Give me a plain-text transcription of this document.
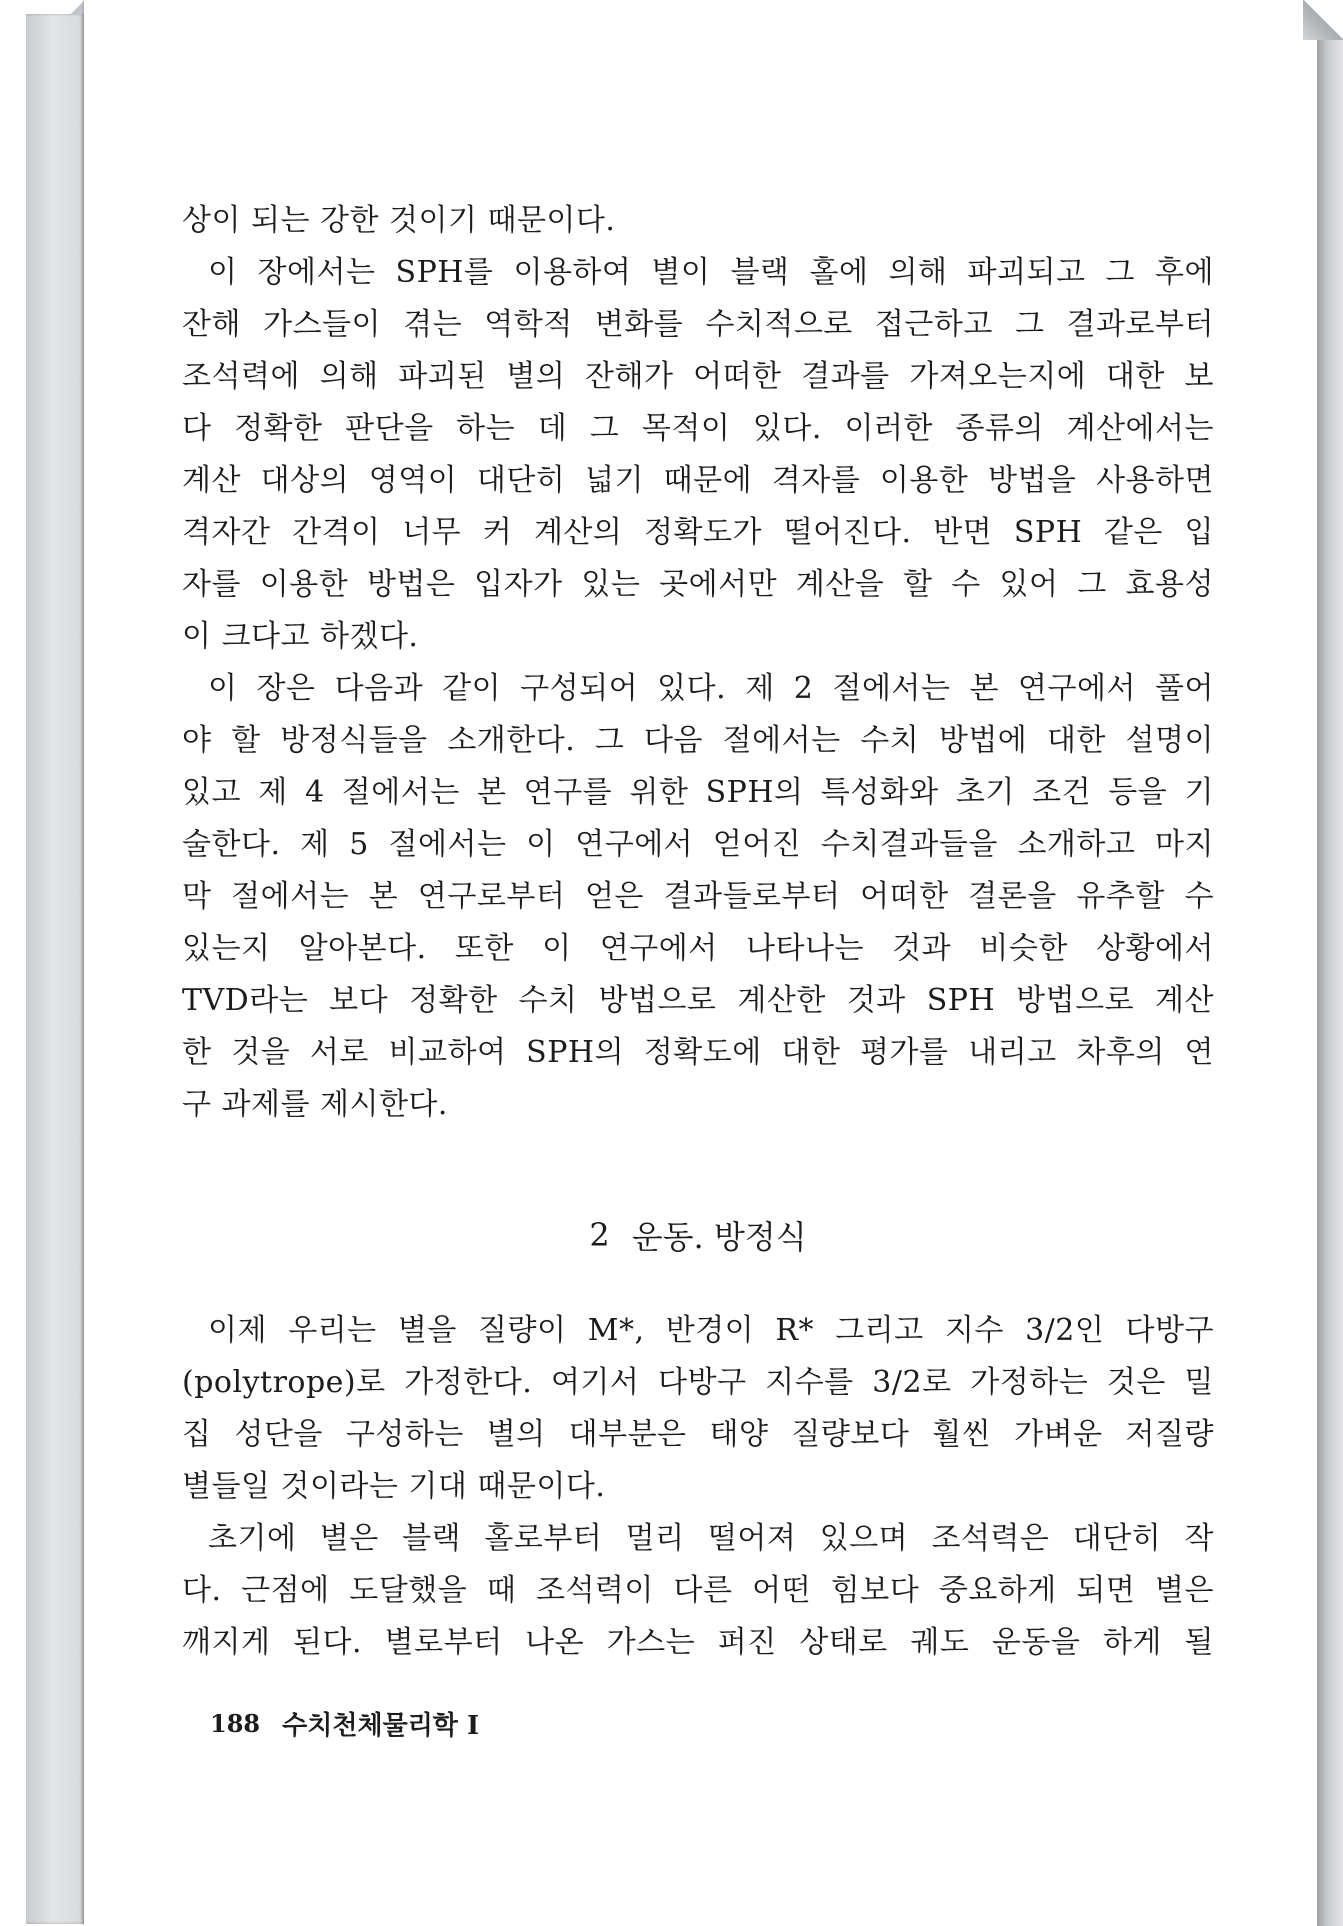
상이 되는 강한 것이기 때문이다.
이 장에서는 SPH를 이용하여 별이 블랙 홀에 의해 파괴되고 그 후에
잔해 가스들이 겪는 역학적 변화를 수치적으로 접근하고 그 결과로부터
조석력에 의해 파괴된 별의 잔해가 어떠한 결과를 가져오는지에 대한 보
다 정확한 판단을 하는 데 그 목적이 있다. 이러한 종류의 계산에서는
계산 대상의 영역이 대단히 넓기 때문에 격자를 이용한 방법을 사용하면
격자간 간격이 너무 커 계산의 정확도가 떨어진다. 반면 SPH 같은 입
자를 이용한 방법은 입자가 있는 곳에서만 계산을 할 수 있어 그 효용성
이 크다고 하겠다.
이 장은 다음과 같이 구성되어 있다. 제 2 절에서는 본 연구에서 풀어
야 할 방정식들을 소개한다. 그 다음 절에서는 수치 방법에 대한 설명이
있고 제 4 절에서는 본 연구를 위한 SPH의 특성화와 초기 조건 등을 기
술한다. 제 5 절에서는 이 연구에서 얻어진 수치결과들을 소개하고 마지
막 절에서는 본 연구로부터 얻은 결과들로부터 어떠한 결론을 유추할 수
있는지 알아본다. 또한 이 연구에서 나타나는 것과 비슷한 상황에서
TVD라는 보다 정확한 수치 방법으로 계산한 것과 SPH 방법으로 계산
한 것을 서로 비교하여 SPH의 정확도에 대한 평가를 내리고 차후의 연
구 과제를 제시한다.
2 운동. 방정식
이제 우리는 별을 질량이 M*, 반경이 R* 그리고 지수 3/2인 다방구
(polytrope)로 가정한다. 여기서 다방구 지수를 3/2로 가정하는 것은 밀
집 성단을 구성하는 별의 대부분은 태양 질량보다 훨씬 가벼운 저질량
별들일 것이라는 기대 때문이다.
초기에 별은 블랙 홀로부터 멀리 떨어져 있으며 조석력은 대단히 작
다. 근점에 도달했을 때 조석력이 다른 어떤 힘보다 중요하게 되면 별은
깨지게 된다. 별로부터 나온 가스는 퍼진 상태로 궤도 운동을 하게 될
188 수치천체물리학 I
